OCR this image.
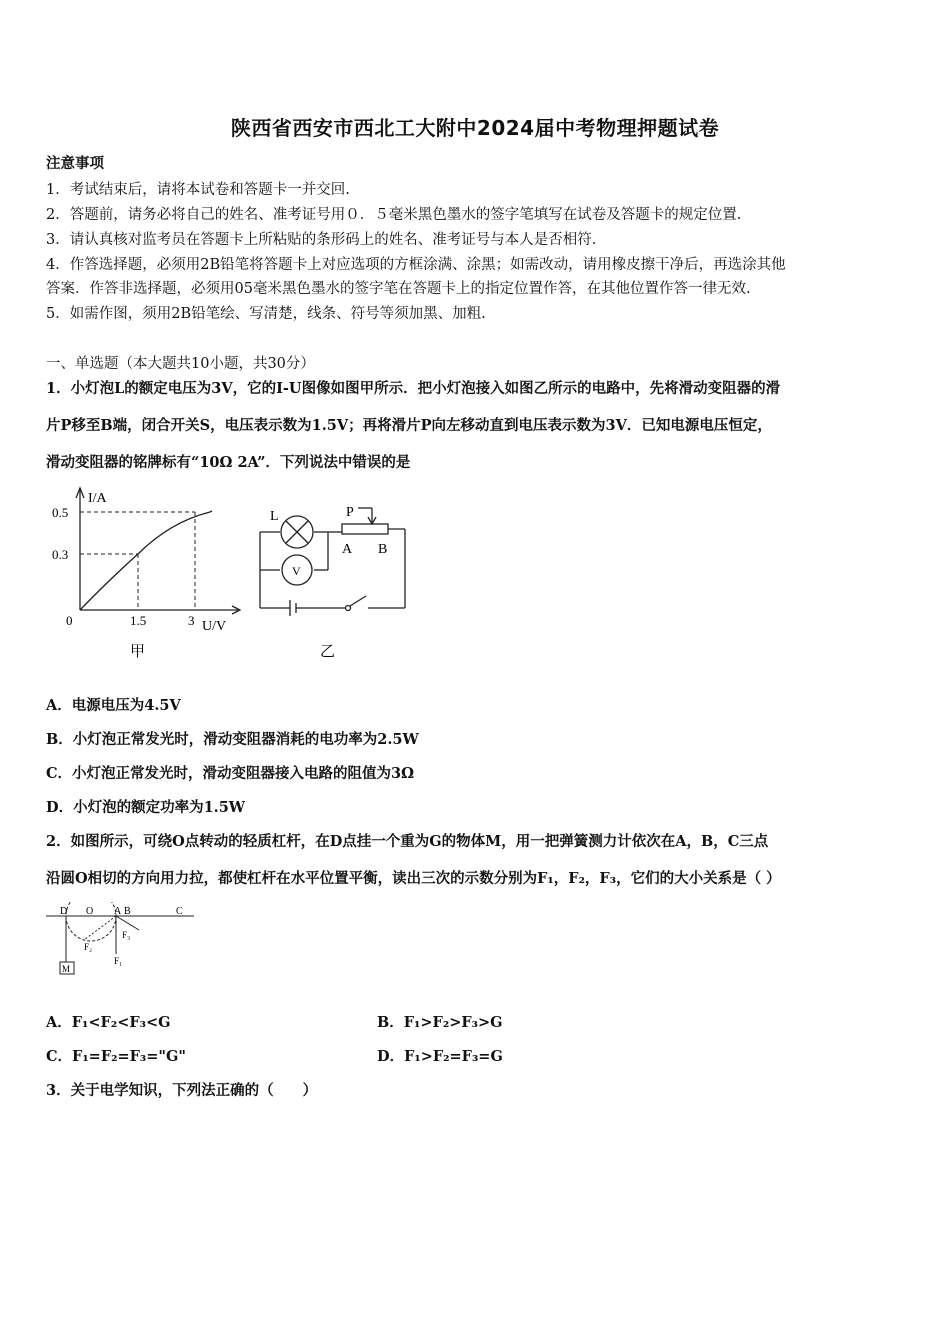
陕西省西安市西北工大附中2024届中考物理押题试卷
注意事项
1．考试结束后，请将本试卷和答题卡一并交回.
2．答题前，请务必将自己的姓名、准考证号用０．５毫米黑色墨水的签字笔填写在试卷及答题卡的规定位置.
3．请认真核对监考员在答题卡上所粘贴的条形码上的姓名、准考证号与本人是否相符.
4．作答选择题，必须用2B铅笔将答题卡上对应选项的方框涂满、涂黑；如需改动，请用橡皮擦干净后，再选涂其他
答案．作答非选择题，必须用05毫米黑色墨水的签字笔在答题卡上的指定位置作答，在其他位置作答一律无效.
5．如需作图，须用2B铅笔绘、写清楚，线条、符号等须加黑、加粗.
一、单选题（本大题共10小题，共30分）
1．小灯泡L的额定电压为3V，它的I-U图像如图甲所示．把小灯泡接入如图乙所示的电路中，先将滑动变阻器的滑
片P移至B端，闭合开关S，电压表示数为1.5V；再将滑片P向左移动直到电压表示数为3V．已知电源电压恒定，
滑动变阻器的铭牌标有“10Ω 2A”．下列说法中错误的是
I/A
0.5
0.3
0	1.5	3 U/V
甲
L
V
P
A B
乙
A．电源电压为4.5V
B．小灯泡正常发光时，滑动变阻器消耗的电功率为2.5W
C．小灯泡正常发光时，滑动变阻器接入电路的阻值为3Ω
D．小灯泡的额定功率为1.5W
2．如图所示，可绕O点转动的轻质杠杆，在D点挂一个重为G的物体M，用一把弹簧测力计依次在A，B，C三点
沿圆O相切的方向用力拉，都使杠杆在水平位置平衡，读出三次的示数分别为F₁，F₂，F₃，它们的大小关系是（ ）
D O A B	C
F₂
F₃
F₁
M
A．F₁<F₂<F₃<G	B．F₁>F₂>F₃>G
C．F₁=F₂=F₃="G"	D．F₁>F₂=F₃=G
3．关于电学知识，下列法正确的（　　）
